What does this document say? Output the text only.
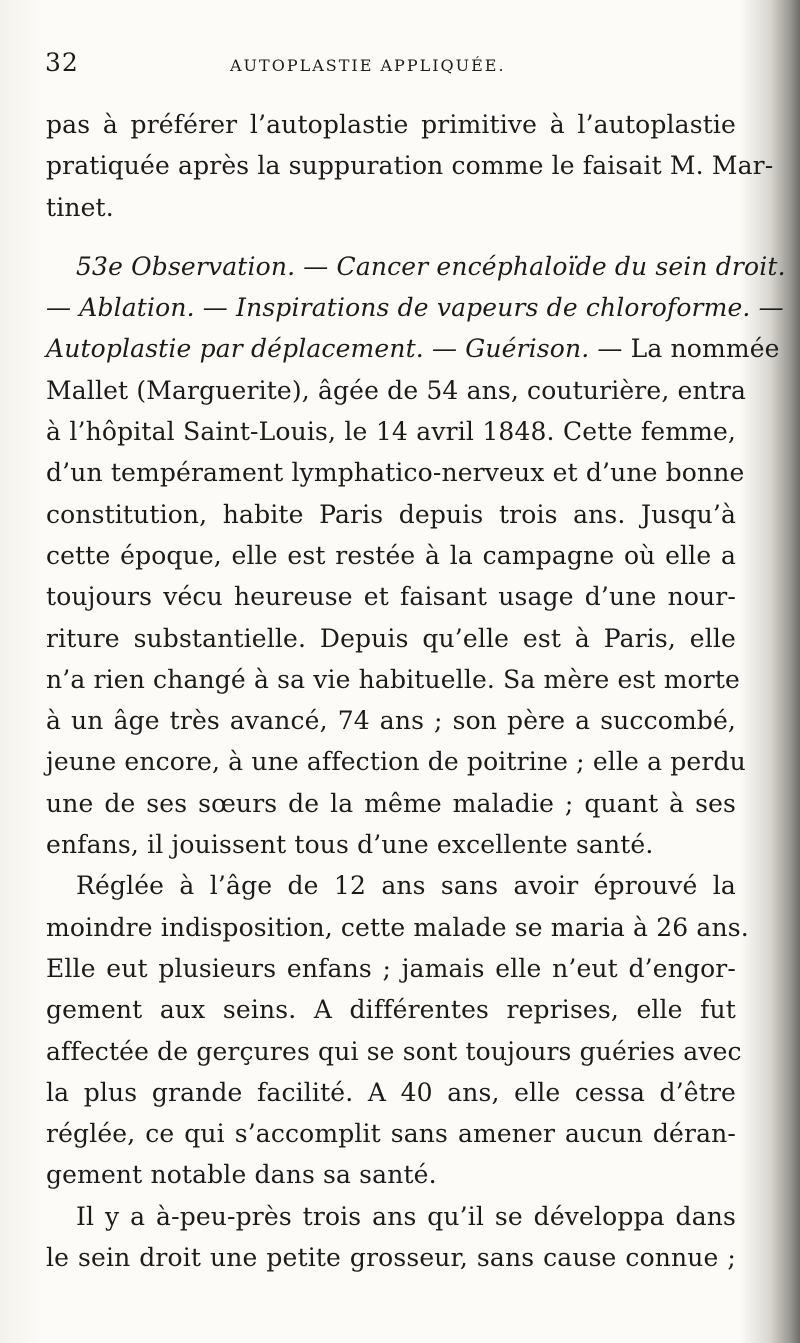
32	AUTOPLASTIE APPLIQUÉE.

pas à préférer l’autoplastie primitive à l’autoplastie
pratiquée après la suppuration comme le faisait M. Mar-
tinet.

53e Observation. — Cancer encéphaloïde du sein droit.
— Ablation. — Inspirations de vapeurs de chloroforme. —
Autoplastie par déplacement. — Guérison. — La nommée
Mallet (Marguerite), âgée de 54 ans, couturière, entra
à l’hôpital Saint-Louis, le 14 avril 1848. Cette femme,
d’un tempérament lymphatico-nerveux et d’une bonne
constitution, habite Paris depuis trois ans. Jusqu’à
cette époque, elle est restée à la campagne où elle a
toujours vécu heureuse et faisant usage d’une nour-
riture substantielle. Depuis qu’elle est à Paris, elle
n’a rien changé à sa vie habituelle. Sa mère est morte
à un âge très avancé, 74 ans ; son père a succombé,
jeune encore, à une affection de poitrine ; elle a perdu
une de ses sœurs de la même maladie ; quant à ses
enfans, il jouissent tous d’une excellente santé.

Réglée à l’âge de 12 ans sans avoir éprouvé la
moindre indisposition, cette malade se maria à 26 ans.
Elle eut plusieurs enfans ; jamais elle n’eut d’engor-
gement aux seins. A différentes reprises, elle fut
affectée de gerçures qui se sont toujours guéries avec
la plus grande facilité. A 40 ans, elle cessa d’être
réglée, ce qui s’accomplit sans amener aucun déran-
gement notable dans sa santé.

Il y a à-peu-près trois ans qu’il se développa dans
le sein droit une petite grosseur, sans cause connue ;
